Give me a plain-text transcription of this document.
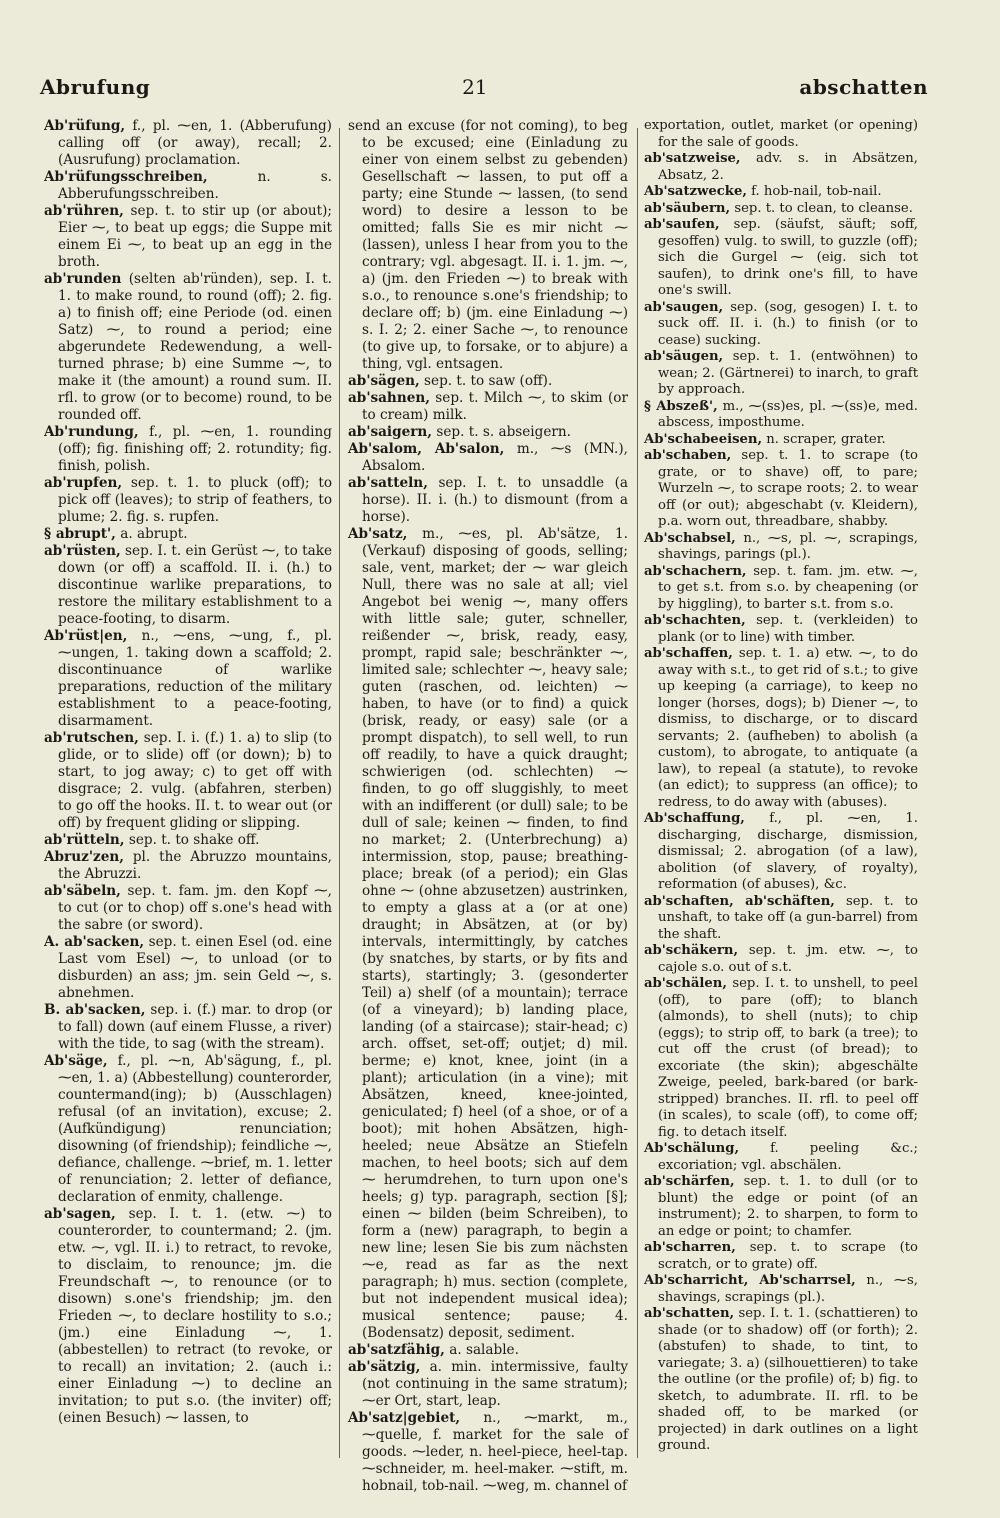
Abrufung	21	abschatten

Ab'rüfung, f., pl. ⁓en, 1. (Abberufung) calling off (or away), recall; 2. (Ausrufung) proclamation.

Ab'rüfungsschreiben,	n. s. Abberufungsschreiben.

ab'rühren, sep. t. to stir up (or about); Eier ⁓, to beat up eggs; die Suppe mit einem Ei ⁓, to beat up an egg in the broth.

ab'runden (selten ab'ründen), sep. I. t. 1. to make round, to round (off); 2. fig. a) to finish off; eine Periode (od. einen Satz) ⁓, to round a period; eine abgerundete Redewendung, a well-turned phrase; b) eine Summe ⁓, to make it (the amount) a round sum. II. rfl. to grow (or to become) round, to be rounded off.

Ab'rundung, f., pl. ⁓en, 1. rounding (off); fig. finishing off; 2. rotundity; fig. finish, polish.

ab'rupfen, sep. t. 1. to pluck (off); to pick off (leaves); to strip of feathers, to plume; 2. fig. s. rupfen.

§ abrupt', a. abrupt.

ab'rüsten, sep. I. t. ein Gerüst ⁓, to take down (or off) a scaffold. II. i. (h.) to discontinue warlike preparations, to restore the military establishment to a peace-footing, to disarm.

Ab'rüst|en, n., ⁓ens, ⁓ung, f., pl. ⁓ungen, 1. taking down a scaffold; 2. discontinuance of warlike preparations, reduction of the military establishment to a peace-footing, disarmament.

ab'rutschen, sep. I. i. (f.) 1. a) to slip (to glide, or to slide) off (or down); b) to start, to jog away; c) to get off with disgrace; 2. vulg. (abfahren, sterben) to go off the hooks. II. t. to wear out (or off) by frequent gliding or slipping.

ab'rütteln, sep. t. to shake off.

Abruz'zen, pl. the Abruzzo mountains, the Abruzzi.

ab'säbeln, sep. t. fam. jm. den Kopf ⁓, to cut (or to chop) off s.one's head with the sabre (or sword).

A. ab'sacken, sep. t. einen Esel (od. eine Last vom Esel) ⁓, to unload (or to disburden) an ass; jm. sein Geld ⁓, s. abnehmen.

B. ab'sacken, sep. i. (f.) mar. to drop (or to fall) down (auf einem Flusse, a river) with the tide, to sag (with the stream).

Ab'säge, f., pl. ⁓n, Ab'sägung, f., pl. ⁓en, 1. a) (Abbestellung) counterorder, countermand(ing); b) (Ausschlagen) refusal (of an invitation), excuse; 2. (Aufkündigung) renunciation; disowning (of friendship); feindliche ⁓, defiance, challenge. ⁓brief, m. 1. letter of renunciation; 2. letter of defiance, declaration of enmity, challenge.

ab'sagen, sep. I. t. 1. (etw. ⁓) to counterorder, to countermand; 2. (jm. etw. ⁓, vgl. II. i.) to retract, to revoke, to disclaim, to renounce; jm. die Freundschaft ⁓, to renounce (or to disown) s.one's friendship; jm. den Frieden ⁓, to declare hostility to s.o.; (jm.) eine Einladung ⁓, 1. (abbestellen) to retract (to revoke, or to recall) an invitation; 2. (auch i.: einer Einladung ⁓) to decline an invitation; to put s.o. (the inviter) off; (einen Besuch) ⁓ lassen, to

send an excuse (for not coming), to beg to be excused; eine (Einladung zu einer von einem selbst zu gebenden) Gesellschaft ⁓ lassen, to put off a party; eine Stunde ⁓ lassen, (to send word) to desire a lesson to be omitted; falls Sie es mir nicht ⁓ (lassen), unless I hear from you to the contrary; vgl. abgesagt. II. i. 1. jm. ⁓, a) (jm. den Frieden ⁓) to break with s.o., to renounce s.one's friendship; to declare off; b) (jm. eine Einladung ⁓) s. I. 2; 2. einer Sache ⁓, to renounce (to give up, to forsake, or to abjure) a thing, vgl. entsagen.

ab'sägen, sep. t. to saw (off).

ab'sahnen, sep. t. Milch ⁓, to skim (or to cream) milk.

ab'saigern, sep. t. s. abseigern.

Ab'salom, Ab'salon, m., ⁓s (MN.), Absalom.

ab'satteln, sep. I. t. to unsaddle (a horse). II. i. (h.) to dismount (from a horse).

Ab'satz, m., ⁓es, pl. Ab'sätze, 1. (Verkauf) disposing of goods, selling; sale, vent, market; der ⁓ war gleich Null, there was no sale at all; viel Angebot bei wenig ⁓, many offers with little sale; guter, schneller, reißender ⁓, brisk, ready, easy, prompt, rapid sale; beschränkter ⁓, limited sale; schlechter ⁓, heavy sale; guten (raschen, od. leichten) ⁓ haben, to have (or to find) a quick (brisk, ready, or easy) sale (or a prompt dispatch), to sell well, to run off readily, to have a quick draught; schwierigen (od. schlechten) ⁓ finden, to go off sluggishly, to meet with an indifferent (or dull) sale; to be dull of sale; keinen ⁓ finden, to find no market; 2. (Unterbrechung) a) intermission, stop, pause; breathing-place; break (of a period); ein Glas ohne ⁓ (ohne abzusetzen) austrinken, to empty a glass at a (or at one) draught; in Absätzen, at (or by) intervals, intermittingly, by catches (by snatches, by starts, or by fits and starts), startingly; 3. (gesonderter Teil) a) shelf (of a mountain); terrace (of a vineyard); b) landing place, landing (of a staircase); stair-head; c) arch. offset, set-off; outjet; d) mil. berme; e) knot, knee, joint (in a plant); articulation (in a vine); mit Absätzen, kneed, knee-jointed, geniculated; f) heel (of a shoe, or of a boot); mit hohen Absätzen, high-heeled; neue Absätze an Stiefeln machen, to heel boots; sich auf dem ⁓ herumdrehen, to turn upon one's heels; g) typ. paragraph, section [§]; einen ⁓ bilden (beim Schreiben), to form a (new) paragraph, to begin a new line; lesen Sie bis zum nächsten ⁓e, read as far as the next paragraph; h) mus. section (complete, but not independent musical idea); musical sentence; pause; 4. (Bodensatz) deposit, sediment.

ab'satzfähig, a. salable.

ab'sätzig, a. min. intermissive, faulty (not continuing in the same stratum); ⁓er Ort, start, leap.

Ab'satz|gebiet, n., ⁓markt, m., ⁓quelle, f. market for the sale of goods. ⁓leder, n. heel-piece, heel-tap. ⁓schneider, m. heel-maker. ⁓stift, m. hobnail, tob-nail. ⁓weg, m. channel of

exportation, outlet, market (or opening) for the sale of goods.

ab'satzweise, adv. s. in Absätzen, Absatz, 2.

Ab'satzwecke, f. hob-nail, tob-nail.

ab'säubern, sep. t. to clean, to cleanse.

ab'saufen, sep. (säufst, säuft; soff, gesoffen) vulg. to swill, to guzzle (off); sich die Gurgel ⁓ (eig. sich tot saufen), to drink one's fill, to have one's swill.

ab'saugen, sep. (sog, gesogen) I. t. to suck off. II. i. (h.) to finish (or to cease) sucking.

ab'säugen, sep. t. 1. (entwöhnen) to wean; 2. (Gärtnerei) to inarch, to graft by approach.

§ Abszeß', m., ⁓(ss)es, pl. ⁓(ss)e, med. abscess, imposthume.

Ab'schabeeisen, n. scraper, grater.

ab'schaben, sep. t. 1. to scrape (to grate, or to shave) off, to pare; Wurzeln ⁓, to scrape roots; 2. to wear off (or out); abgeschabt (v. Kleidern), p.a. worn out, threadbare, shabby.

Ab'schabsel, n., ⁓s, pl. ⁓, scrapings, shavings, parings (pl.).

ab'schachern, sep. t. fam. jm. etw. ⁓, to get s.t. from s.o. by cheapening (or by higgling), to barter s.t. from s.o.

ab'schachten, sep. t. (verkleiden) to plank (or to line) with timber.

ab'schaffen, sep. t. 1. a) etw. ⁓, to do away with s.t., to get rid of s.t.; to give up keeping (a carriage), to keep no longer (horses, dogs); b) Diener ⁓, to dismiss, to discharge, or to discard servants; 2. (aufheben) to abolish (a custom), to abrogate, to antiquate (a law), to repeal (a statute), to revoke (an edict); to suppress (an office); to redress, to do away with (abuses).

Ab'schaffung, f., pl. ⁓en, 1. discharging, discharge, dismission, dismissal; 2. abrogation (of a law), abolition (of slavery, of royalty), reformation (of abuses), &c.

ab'schaften, ab'schäften, sep. t. to unshaft, to take off (a gun-barrel) from the shaft.

ab'schäkern, sep. t. jm. etw. ⁓, to cajole s.o. out of s.t.

ab'schälen, sep. I. t. to unshell, to peel (off), to pare (off); to blanch (almonds), to shell (nuts); to chip (eggs); to strip off, to bark (a tree); to cut off the crust (of bread); to excoriate (the skin); abgeschälte Zweige, peeled, bark-bared (or bark-stripped) branches. II. rfl. to peel off (in scales), to scale (off), to come off; fig. to detach itself.

Ab'schälung, f. peeling &c.; excoriation; vgl. abschälen.

ab'schärfen, sep. t. 1. to dull (or to blunt) the edge or point (of an instrument); 2. to sharpen, to form to an edge or point; to chamfer.

ab'scharren, sep. t. to scrape (to scratch, or to grate) off.

Ab'scharricht, Ab'scharrsel, n., ⁓s, shavings, scrapings (pl.).

ab'schatten, sep. I. t. 1. (schattieren) to shade (or to shadow) off (or forth); 2. (abstufen) to shade, to tint, to variegate; 3. a) (silhouettieren) to take the outline (or the profile) of; b) fig. to sketch, to adumbrate. II. rfl. to be shaded off, to be marked (or projected) in dark outlines on a light ground.
